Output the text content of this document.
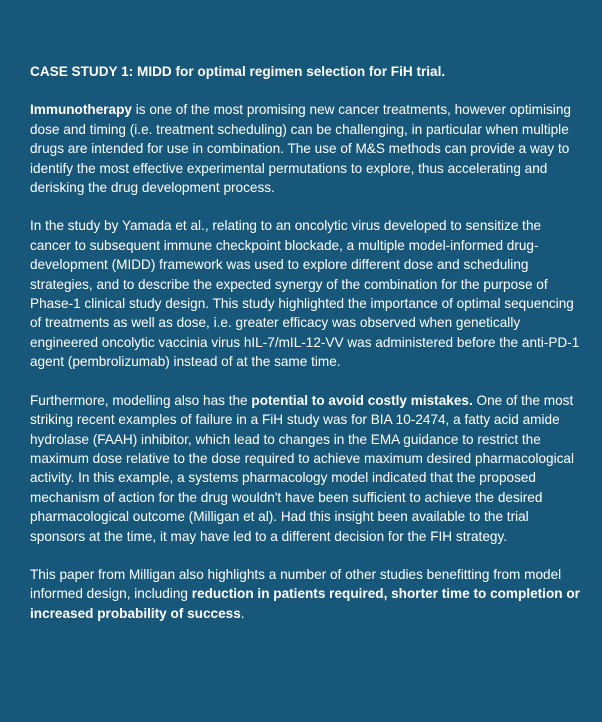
CASE STUDY 1: MIDD for optimal regimen selection for FiH trial.

Immunotherapy is one of the most promising new cancer treatments, however optimising dose and timing (i.e. treatment scheduling) can be challenging, in particular when multiple drugs are intended for use in combination. The use of M&S methods can provide a way to identify the most effective experimental permutations to explore, thus accelerating and derisking the drug development process.

In the study by Yamada et al., relating to an oncolytic virus developed to sensitize the cancer to subsequent immune checkpoint blockade, a multiple model-informed drug-development (MIDD) framework was used to explore different dose and scheduling strategies, and to describe the expected synergy of the combination for the purpose of Phase-1 clinical study design. This study highlighted the importance of optimal sequencing of treatments as well as dose, i.e. greater efficacy was observed when genetically engineered oncolytic vaccinia virus hIL-7/mIL-12-VV was administered before the anti-PD-1 agent (pembrolizumab) instead of at the same time.

Furthermore, modelling also has the potential to avoid costly mistakes. One of the most striking recent examples of failure in a FiH study was for BIA 10-2474, a fatty acid amide hydrolase (FAAH) inhibitor, which lead to changes in the EMA guidance to restrict the maximum dose relative to the dose required to achieve maximum desired pharmacological activity. In this example, a systems pharmacology model indicated that the proposed mechanism of action for the drug wouldn't have been sufficient to achieve the desired pharmacological outcome (Milligan et al). Had this insight been available to the trial sponsors at the time, it may have led to a different decision for the FIH strategy.

This paper from Milligan also highlights a number of other studies benefitting from model informed design, including reduction in patients required, shorter time to completion or increased probability of success.
